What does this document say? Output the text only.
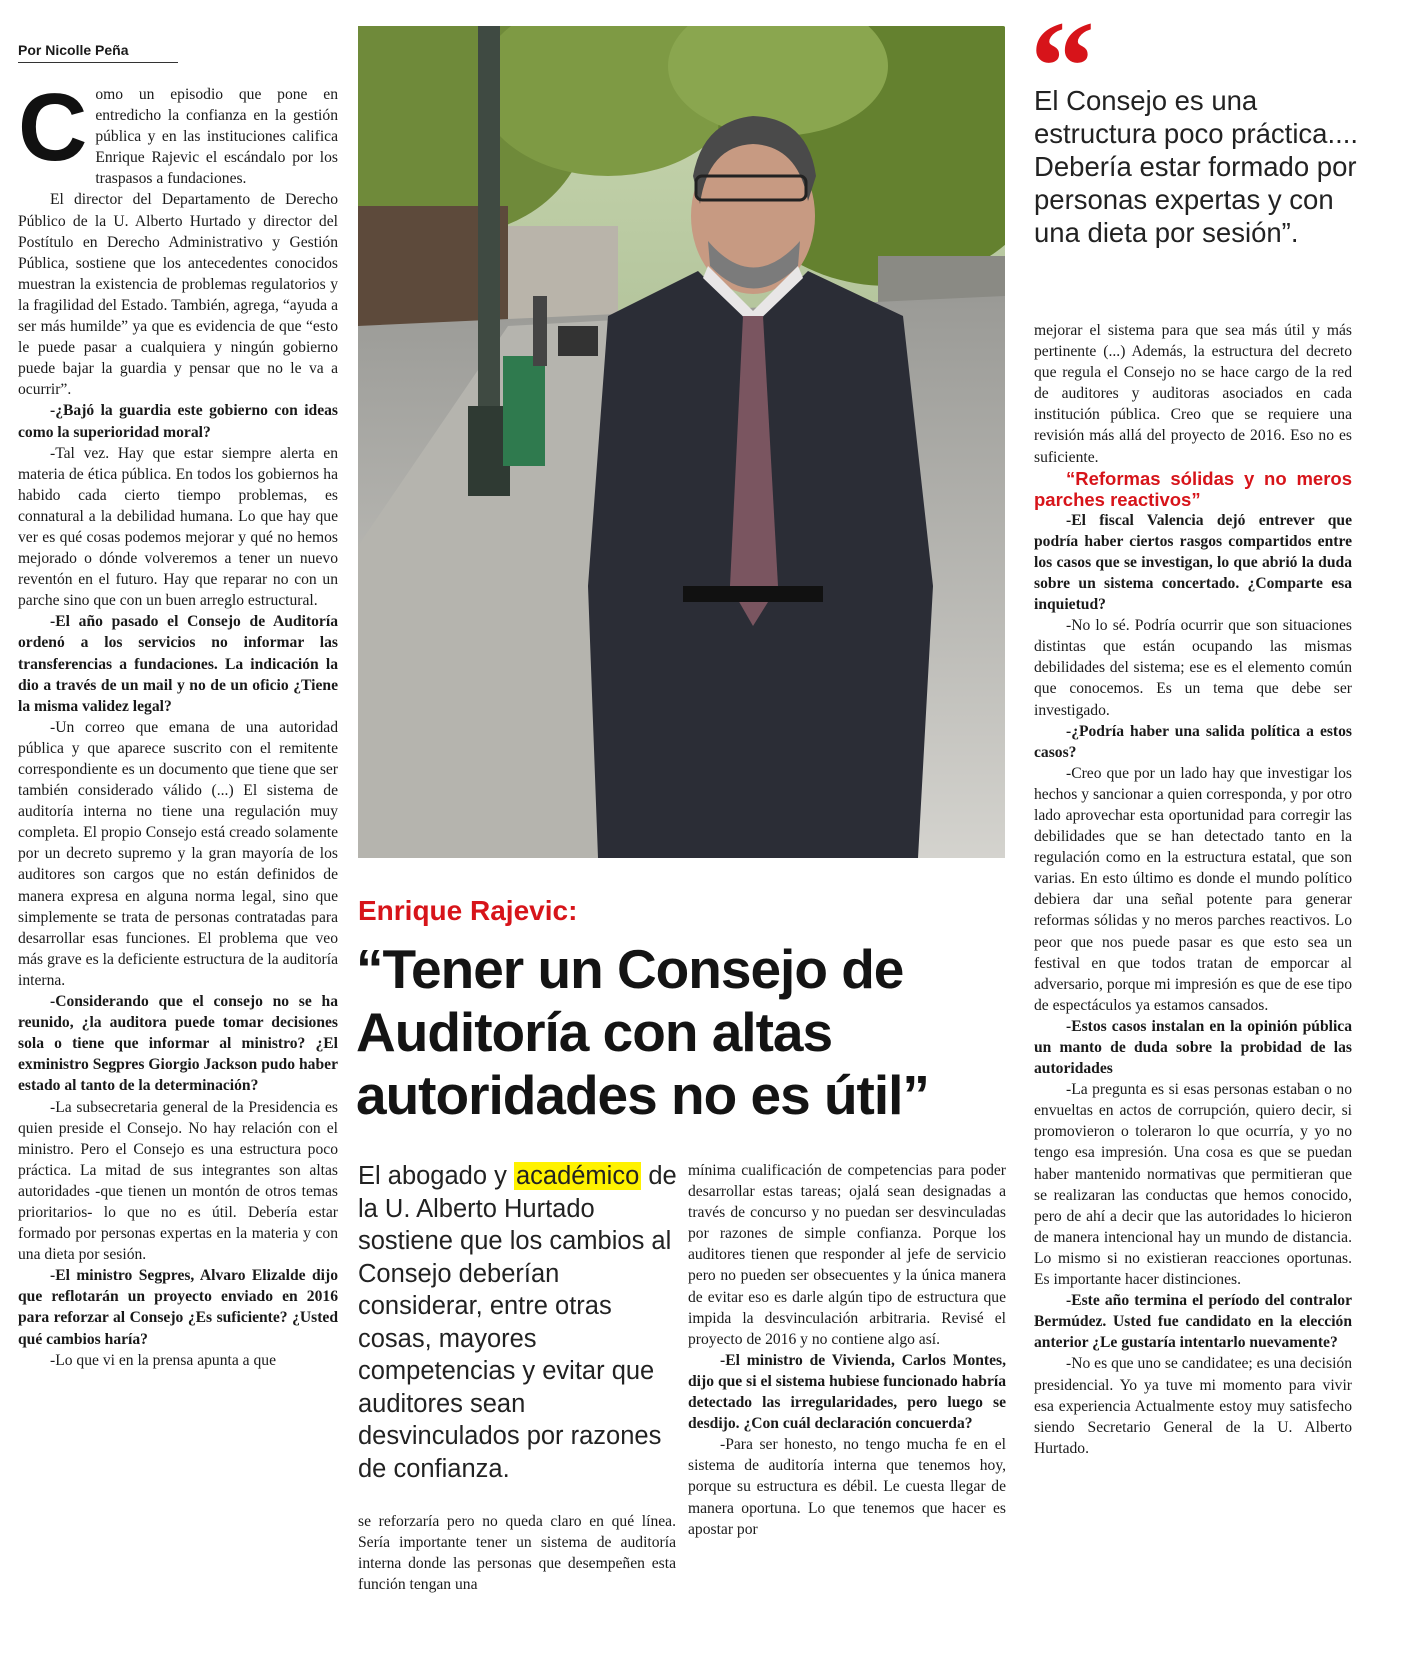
Por Nicolle Peña

Como un episodio que pone en entredicho la confianza en la gestión pública y en las instituciones califica Enrique Rajevic el escándalo por los traspasos a fundaciones.

El director del Departamento de Derecho Público de la U. Alberto Hurtado y director del Postítulo en Derecho Administrativo y Gestión Pública, sostiene que los antecedentes conocidos muestran la existencia de problemas regulatorios y la fragilidad del Estado. También, agrega, “ayuda a ser más humilde” ya que es evidencia de que “esto le puede pasar a cualquiera y ningún gobierno puede bajar la guardia y pensar que no le va a ocurrir”.

-¿Bajó la guardia este gobierno con ideas como la superioridad moral?

-Tal vez. Hay que estar siempre alerta en materia de ética pública. En todos los gobiernos ha habido cada cierto tiempo problemas, es connatural a la debilidad humana. Lo que hay que ver es qué cosas podemos mejorar y qué no hemos mejorado o dónde volveremos a tener un nuevo reventón en el futuro. Hay que reparar no con un parche sino que con un buen arreglo estructural.

-El año pasado el Consejo de Auditoría ordenó a los servicios no informar las transferencias a fundaciones. La indicación la dio a través de un mail y no de un oficio ¿Tiene la misma validez legal?

-Un correo que emana de una autoridad pública y que aparece suscrito con el remitente correspondiente es un documento que tiene que ser también considerado válido (...) El sistema de auditoría interna no tiene una regulación muy completa. El propio Consejo está creado solamente por un decreto supremo y la gran mayoría de los auditores son cargos que no están definidos de manera expresa en alguna norma legal, sino que simplemente se trata de personas contratadas para desarrollar esas funciones. El problema que veo más grave es la deficiente estructura de la auditoría interna.

-Considerando que el consejo no se ha reunido, ¿la auditora puede tomar decisiones sola o tiene que informar al ministro? ¿El exministro Segpres Giorgio Jackson pudo haber estado al tanto de la determinación?

-La subsecretaria general de la Presidencia es quien preside el Consejo. No hay relación con el ministro. Pero el Consejo es una estructura poco práctica. La mitad de sus integrantes son altas autoridades -que tienen un montón de otros temas prioritarios- lo que no es útil. Debería estar formado por personas expertas en la materia y con una dieta por sesión.

-El ministro Segpres, Alvaro Elizalde dijo que reflotarán un proyecto enviado en 2016 para reforzar al Consejo ¿Es suficiente? ¿Usted qué cambios haría?

-Lo que vi en la prensa apunta a que

Enrique Rajevic:
“Tener un Consejo de Auditoría con altas autoridades no es útil”
El abogado y académico de la U. Alberto Hurtado sostiene que los cambios al Consejo deberían considerar, entre otras cosas, mayores competencias y evitar que auditores sean desvinculados por razones de confianza.

se reforzaría pero no queda claro en qué línea. Sería importante tener un sistema de auditoría interna donde las personas que desempeñen esta función tengan una

mínima cualificación de competencias para poder desarrollar estas tareas; ojalá sean designadas a través de concurso y no puedan ser desvinculadas por razones de simple confianza. Porque los auditores tienen que responder al jefe de servicio pero no pueden ser obsecuentes y la única manera de evitar eso es darle algún tipo de estructura que impida la desvinculación arbitraria. Revisé el proyecto de 2016 y no contiene algo así.

-El ministro de Vivienda, Carlos Montes, dijo que si el sistema hubiese funcionado habría detectado las irregularidades, pero luego se desdijo. ¿Con cuál declaración concuerda?

-Para ser honesto, no tengo mucha fe en el sistema de auditoría interna que tenemos hoy, porque su estructura es débil. Le cuesta llegar de manera oportuna. Lo que tenemos que hacer es apostar por

“
El Consejo es una estructura poco práctica.... Debería estar formado por personas expertas y con una dieta por sesión”.

mejorar el sistema para que sea más útil y más pertinente (...) Además, la estructura del decreto que regula el Consejo no se hace cargo de la red de auditores y auditoras asociados en cada institución pública. Creo que se requiere una revisión más allá del proyecto de 2016. Eso no es suficiente.

“Reformas sólidas y no meros parches reactivos”

-El fiscal Valencia dejó entrever que podría haber ciertos rasgos compartidos entre los casos que se investigan, lo que abrió la duda sobre un sistema concertado. ¿Comparte esa inquietud?

-No lo sé. Podría ocurrir que son situaciones distintas que están ocupando las mismas debilidades del sistema; ese es el elemento común que conocemos. Es un tema que debe ser investigado.

-¿Podría haber una salida política a estos casos?

-Creo que por un lado hay que investigar los hechos y sancionar a quien corresponda, y por otro lado aprovechar esta oportunidad para corregir las debilidades que se han detectado tanto en la regulación como en la estructura estatal, que son varias. En esto último es donde el mundo político debiera dar una señal potente para generar reformas sólidas y no meros parches reactivos. Lo peor que nos puede pasar es que esto sea un festival en que todos tratan de emporcar al adversario, porque mi impresión es que de ese tipo de espectáculos ya estamos cansados.

-Estos casos instalan en la opinión pública un manto de duda sobre la probidad de las autoridades

-La pregunta es si esas personas estaban o no envueltas en actos de corrupción, quiero decir, si promovieron o toleraron lo que ocurría, y yo no tengo esa impresión. Una cosa es que se puedan haber mantenido normativas que permitieran que se realizaran las conductas que hemos conocido, pero de ahí a decir que las autoridades lo hicieron de manera intencional hay un mundo de distancia. Lo mismo si no existieran reacciones oportunas. Es importante hacer distinciones.

-Este año termina el período del contralor Bermúdez. Usted fue candidato en la elección anterior ¿Le gustaría intentarlo nuevamente?

-No es que uno se candidatee; es una decisión presidencial. Yo ya tuve mi momento para vivir esa experiencia Actualmente estoy muy satisfecho siendo Secretario General de la U. Alberto Hurtado.
